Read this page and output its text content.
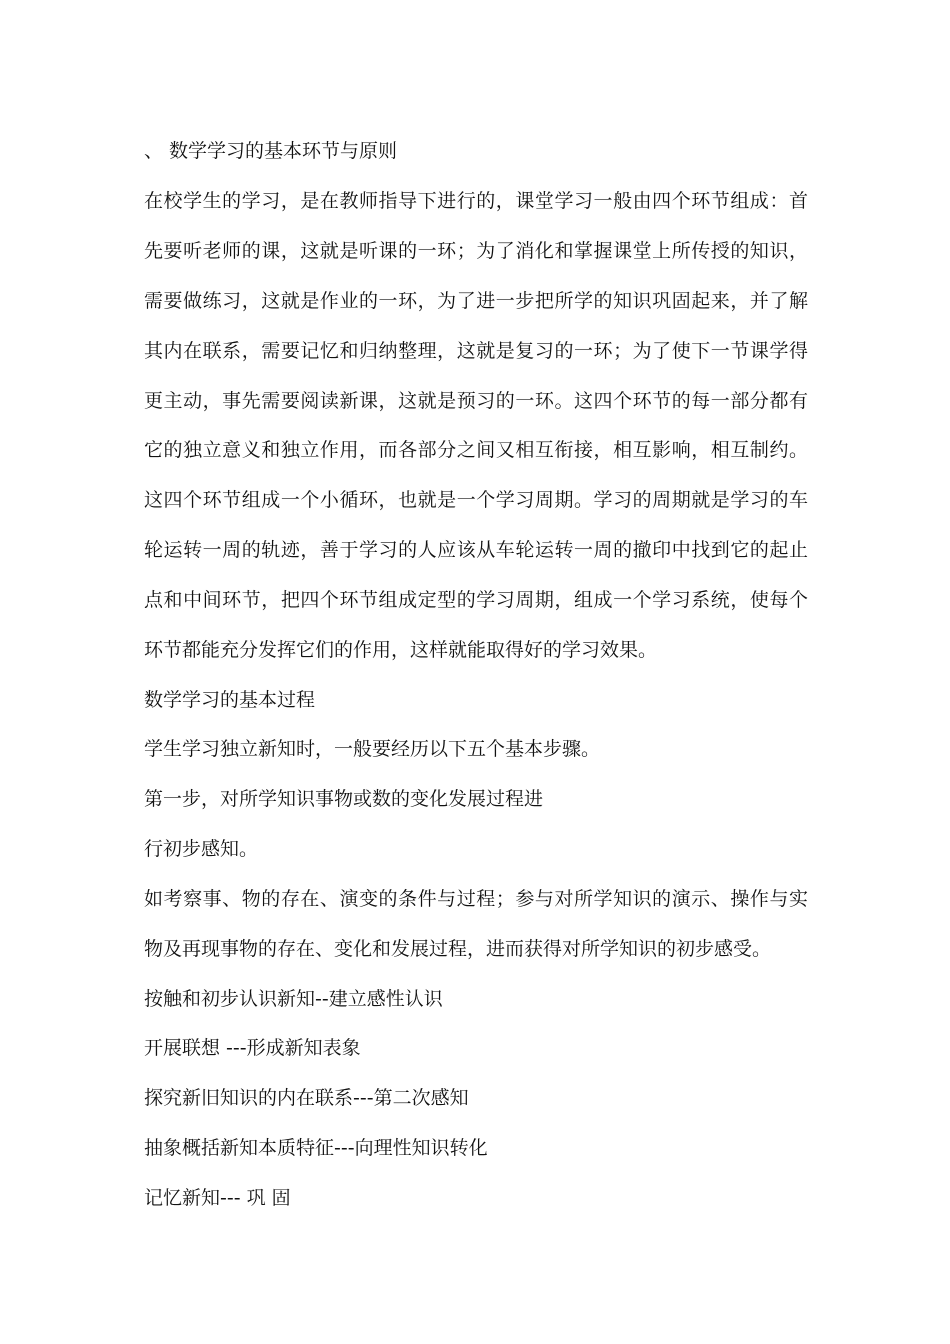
、 数学学习的基本环节与原则
在校学生的学习，是在教师指导下进行的，课堂学习一般由四个环节组成：首
先要听老师的课，这就是听课的一环；为了消化和掌握课堂上所传授的知识，
需要做练习，这就是作业的一环，为了进一步把所学的知识巩固起来，并了解
其内在联系，需要记忆和归纳整理，这就是复习的一环；为了使下一节课学得
更主动，事先需要阅读新课，这就是预习的一环。这四个环节的每一部分都有
它的独立意义和独立作用，而各部分之间又相互衔接，相互影响，相互制约。
这四个环节组成一个小循环，也就是一个学习周期。学习的周期就是学习的车
轮运转一周的轨迹，善于学习的人应该从车轮运转一周的撤印中找到它的起止
点和中间环节，把四个环节组成定型的学习周期，组成一个学习系统，使每个
环节都能充分发挥它们的作用，这样就能取得好的学习效果。
数学学习的基本过程
学生学习独立新知时，一般要经历以下五个基本步骤。
第一步，对所学知识事物或数的变化发展过程进
行初步感知。
如考察事、物的存在、演变的条件与过程；参与对所学知识的演示、操作与实
物及再现事物的存在、变化和发展过程，进而获得对所学知识的初步感受。
按触和初步认识新知--建立感性认识
开展联想 ---形成新知表象
探究新旧知识的内在联系---第二次感知
抽象概括新知本质特征---向理性知识转化
记忆新知--- 巩 固
